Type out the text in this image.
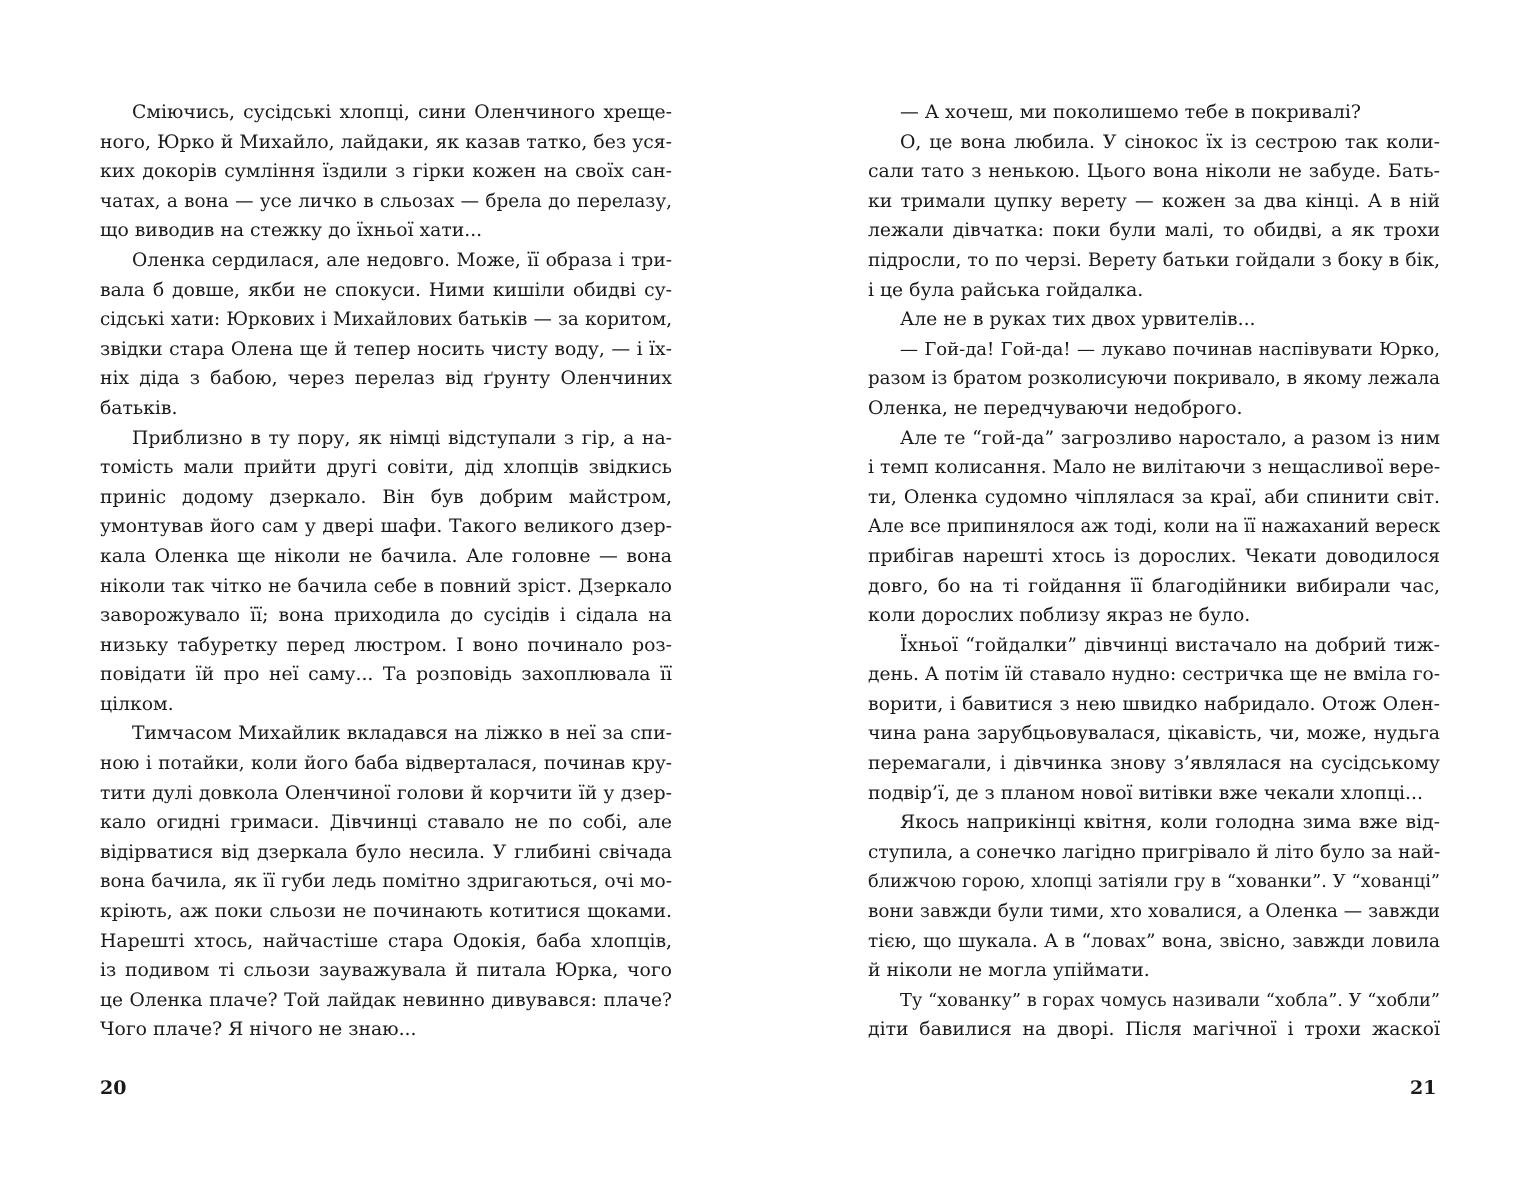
Сміючись, сусідські хлопці, сини Оленчиного хреще-
ного, Юрко й Михайло, лайдаки, як казав татко, без уся-
ких докорів сумління їздили з гірки кожен на своїх сан-
чатах, а вона — усе личко в сльозах — брела до перелазу,
що виводив на стежку до їхньої хати...
Оленка сердилася, але недовго. Може, її образа і три-
вала б довше, якби не спокуси. Ними кишіли обидві су-
сідські хати: Юркових і Михайлових батьків — за коритом,
звідки стара Олена ще й тепер носить чисту воду, — і їх-
ніх діда з бабою, через перелаз від ґрунту Оленчиних
батьків.
Приблизно в ту пору, як німці відступали з гір, а на-
томість мали прийти другі совіти, дід хлопців звідкись
приніс додому дзеркало. Він був добрим майстром,
умонтував його сам у двері шафи. Такого великого дзер-
кала Оленка ще ніколи не бачила. Але головне — вона
ніколи так чітко не бачила себе в повний зріст. Дзеркало
заворожувало її; вона приходила до сусідів і сідала на
низьку табуретку перед люстром. І воно починало роз-
повідати їй про неї саму... Та розповідь захоплювала її
цілком.
Тимчасом Михайлик вкладався на ліжко в неї за спи-
ною і потайки, коли його баба відверталася, починав кру-
тити дулі довкола Оленчиної голови й корчити їй у дзер-
кало огидні гримаси. Дівчинці ставало не по собі, але
відірватися від дзеркала було несила. У глибині свічада
вона бачила, як її губи ледь помітно здригаються, очі мо-
кріють, аж поки сльози не починають котитися щоками.
Нарешті хтось, найчастіше стара Одокія, баба хлопців,
із подивом ті сльози зауважувала й питала Юрка, чого
це Оленка плаче? Той лайдак невинно дивувався: плаче?
Чого плаче? Я нічого не знаю...
— А хочеш, ми поколишемо тебе в покривалі?
О, це вона любила. У сінокос їх із сестрою так коли-
сали тато з ненькою. Цього вона ніколи не забуде. Бать-
ки тримали цупку верету — кожен за два кінці. А в ній
лежали дівчатка: поки були малі, то обидві, а як трохи
підросли, то по черзі. Верету батьки гойдали з боку в бік,
і це була райська гойдалка.
Але не в руках тих двох урвителів...
— Гой-да! Гой-да! — лукаво починав наспівувати Юрко,
разом із братом розколисуючи покривало, в якому лежала
Оленка, не передчуваючи недоброго.
Але те “гой-да” загрозливо наростало, а разом із ним
і темп колисання. Мало не вилітаючи з нещасливої вере-
ти, Оленка судомно чіплялася за краї, аби спинити світ.
Але все припинялося аж тоді, коли на її нажаханий вереск
прибігав нарешті хтось із дорослих. Чекати доводилося
довго, бо на ті гойдання її благодійники вибирали час,
коли дорослих поблизу якраз не було.
Їхньої “гойдалки” дівчинці вистачало на добрий тиж-
день. А потім їй ставало нудно: сестричка ще не вміла го-
ворити, і бавитися з нею швидко набридало. Отож Олен-
чина рана зарубцьовувалася, цікавість, чи, може, нудьга
перемагали, і дівчинка знову з’являлася на сусідському
подвір’ї, де з планом нової витівки вже чекали хлопці...
Якось наприкінці квітня, коли голодна зима вже від-
ступила, а сонечко лагідно пригрівало й літо було за най-
ближчою горою, хлопці затіяли гру в “хованки”. У “хованці”
вони завжди були тими, хто ховалися, а Оленка — завжди
тією, що шукала. А в “ловах” вона, звісно, завжди ловила
й ніколи не могла упіймати.
Ту “хованку” в горах чомусь називали “хобла”. У “хобли”
діти бавилися на дворі. Після магічної і трохи жаскої
20	21
